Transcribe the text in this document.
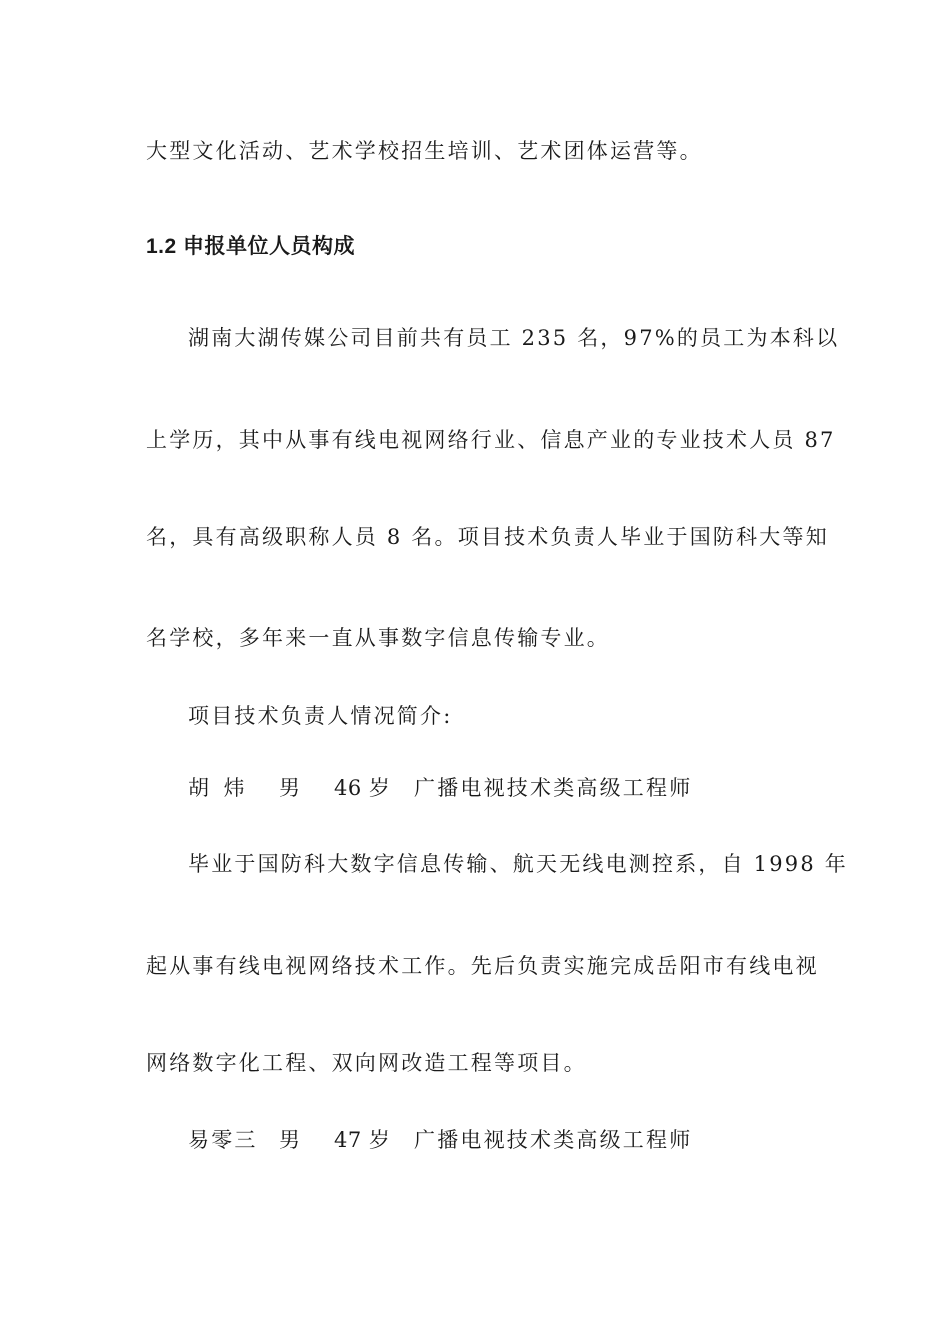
大型文化活动、艺术学校招生培训、艺术团体运营等。
1.2 申报单位人员构成
湖南大湖传媒公司目前共有员工 235 名，97%的员工为本科以
上学历，其中从事有线电视网络行业、信息产业的专业技术人员 87
名，具有高级职称人员 8 名。项目技术负责人毕业于国防科大等知
名学校，多年来一直从事数字信息传输专业。
项目技术负责人情况简介:
胡 炜 男 46 岁 广播电视技术类高级工程师
毕业于国防科大数字信息传输、航天无线电测控系，自 1998 年
起从事有线电视网络技术工作。先后负责实施完成岳阳市有线电视
网络数字化工程、双向网改造工程等项目。
易零三 男 47 岁 广播电视技术类高级工程师
